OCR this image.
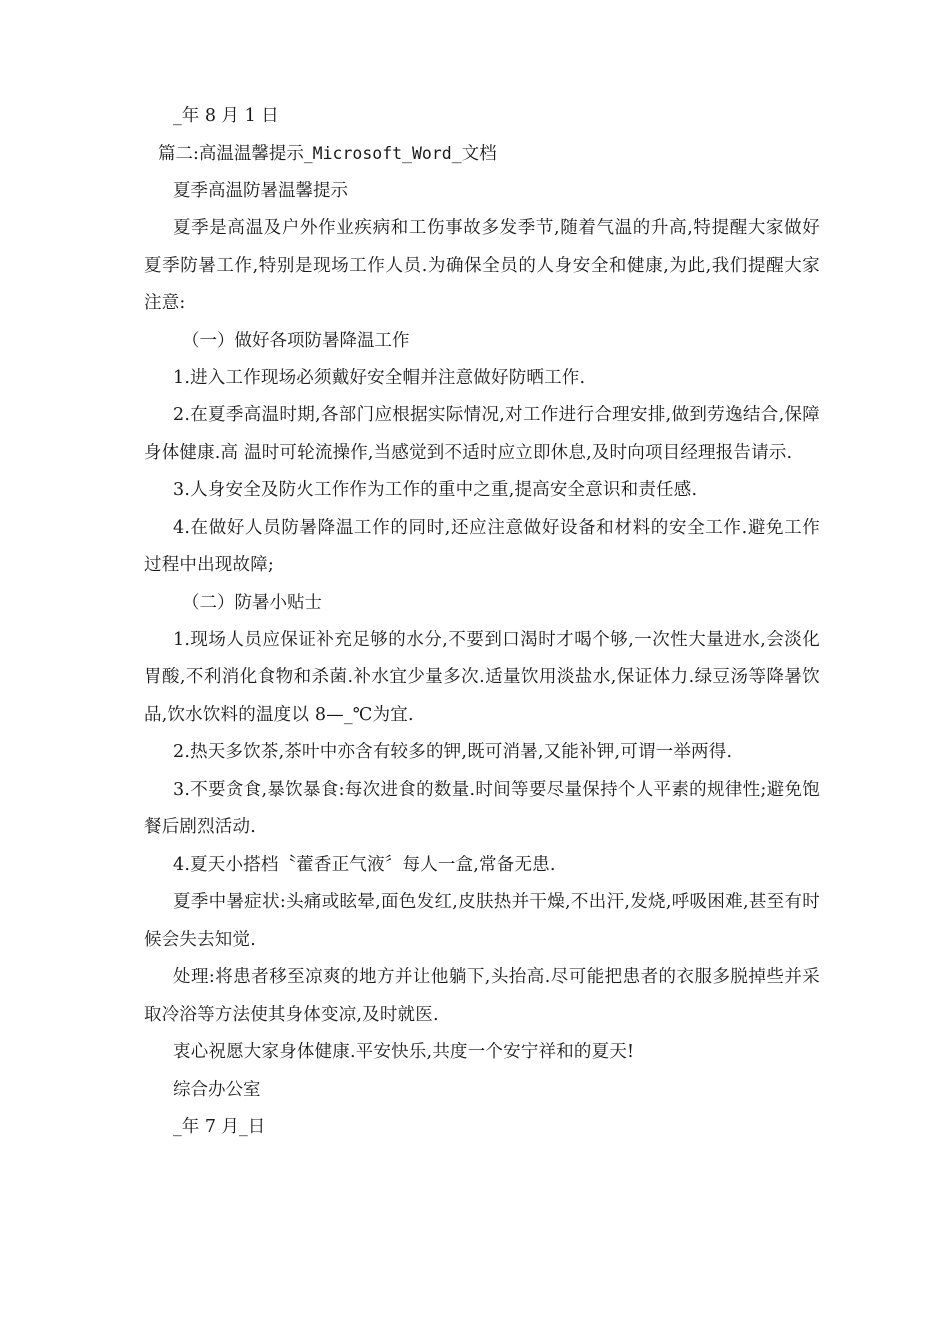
_年 8 月 1 日
篇二:高温温馨提示_Microsoft_Word_文档
夏季高温防暑温馨提示
夏季是高温及户外作业疾病和工伤事故多发季节,随着气温的升高,特提醒大家做好夏季防暑工作,特别是现场工作人员.为确保全员的人身安全和健康,为此,我们提醒大家注意:
（一）做好各项防暑降温工作
1.进入工作现场必须戴好安全帽并注意做好防晒工作.
2.在夏季高温时期,各部门应根据实际情况,对工作进行合理安排,做到劳逸结合,保障身体健康.高 温时可轮流操作,当感觉到不适时应立即休息,及时向项目经理报告请示.
3.人身安全及防火工作作为工作的重中之重,提高安全意识和责任感.
4.在做好人员防暑降温工作的同时,还应注意做好设备和材料的安全工作.避免工作过程中出现故障;
（二）防暑小贴士
1.现场人员应保证补充足够的水分,不要到口渴时才喝个够,一次性大量进水,会淡化胃酸,不利消化食物和杀菌.补水宜少量多次.适量饮用淡盐水,保证体力.绿豆汤等降暑饮品,饮水饮料的温度以 8—_℃为宜.
2.热天多饮茶,茶叶中亦含有较多的钾,既可消暑,又能补钾,可谓一举两得.
3.不要贪食,暴饮暴食:每次进食的数量.时间等要尽量保持个人平素的规律性;避免饱餐后剧烈活动.
4.夏天小搭档〝藿香正气液〞每人一盒,常备无患.
夏季中暑症状:头痛或眩晕,面色发红,皮肤热并干燥,不出汗,发烧,呼吸困难,甚至有时候会失去知觉.
处理:将患者移至凉爽的地方并让他躺下,头抬高.尽可能把患者的衣服多脱掉些并采取冷浴等方法使其身体变凉,及时就医.
衷心祝愿大家身体健康.平安快乐,共度一个安宁祥和的夏天!
综合办公室
_年 7 月_日
